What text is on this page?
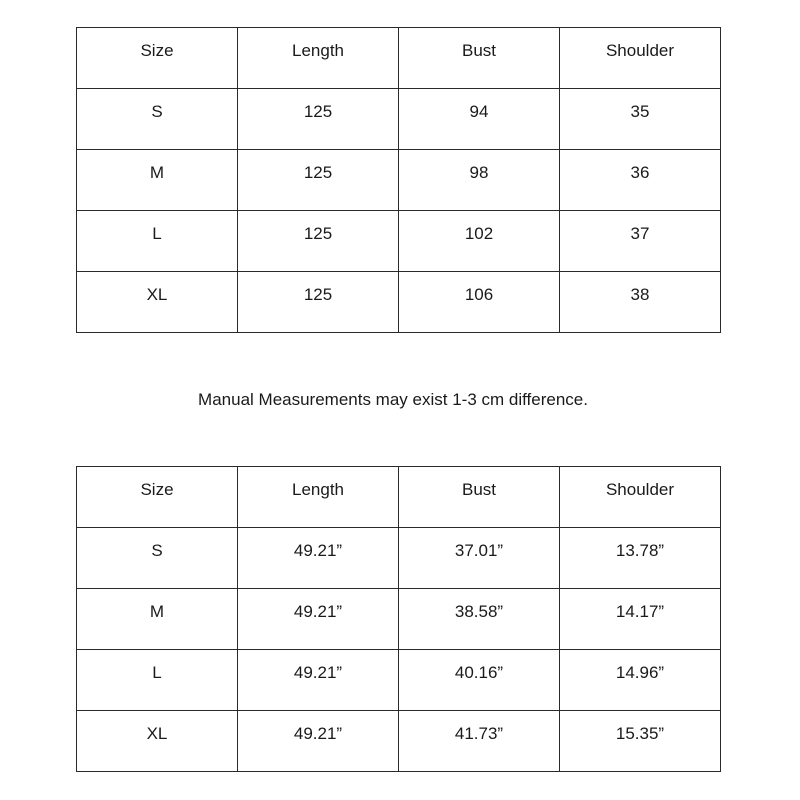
Size	Length	Bust	Shoulder
S	125	94	35
M	125	98	36
L	125	102	37
XL	125	106	38
Manual Measurements may exist 1-3 cm difference.
Size	Length	Bust	Shoulder
S	49.21”	37.01”	13.78”
M	49.21”	38.58”	14.17”
L	49.21”	40.16”	14.96”
XL	49.21”	41.73”	15.35”
